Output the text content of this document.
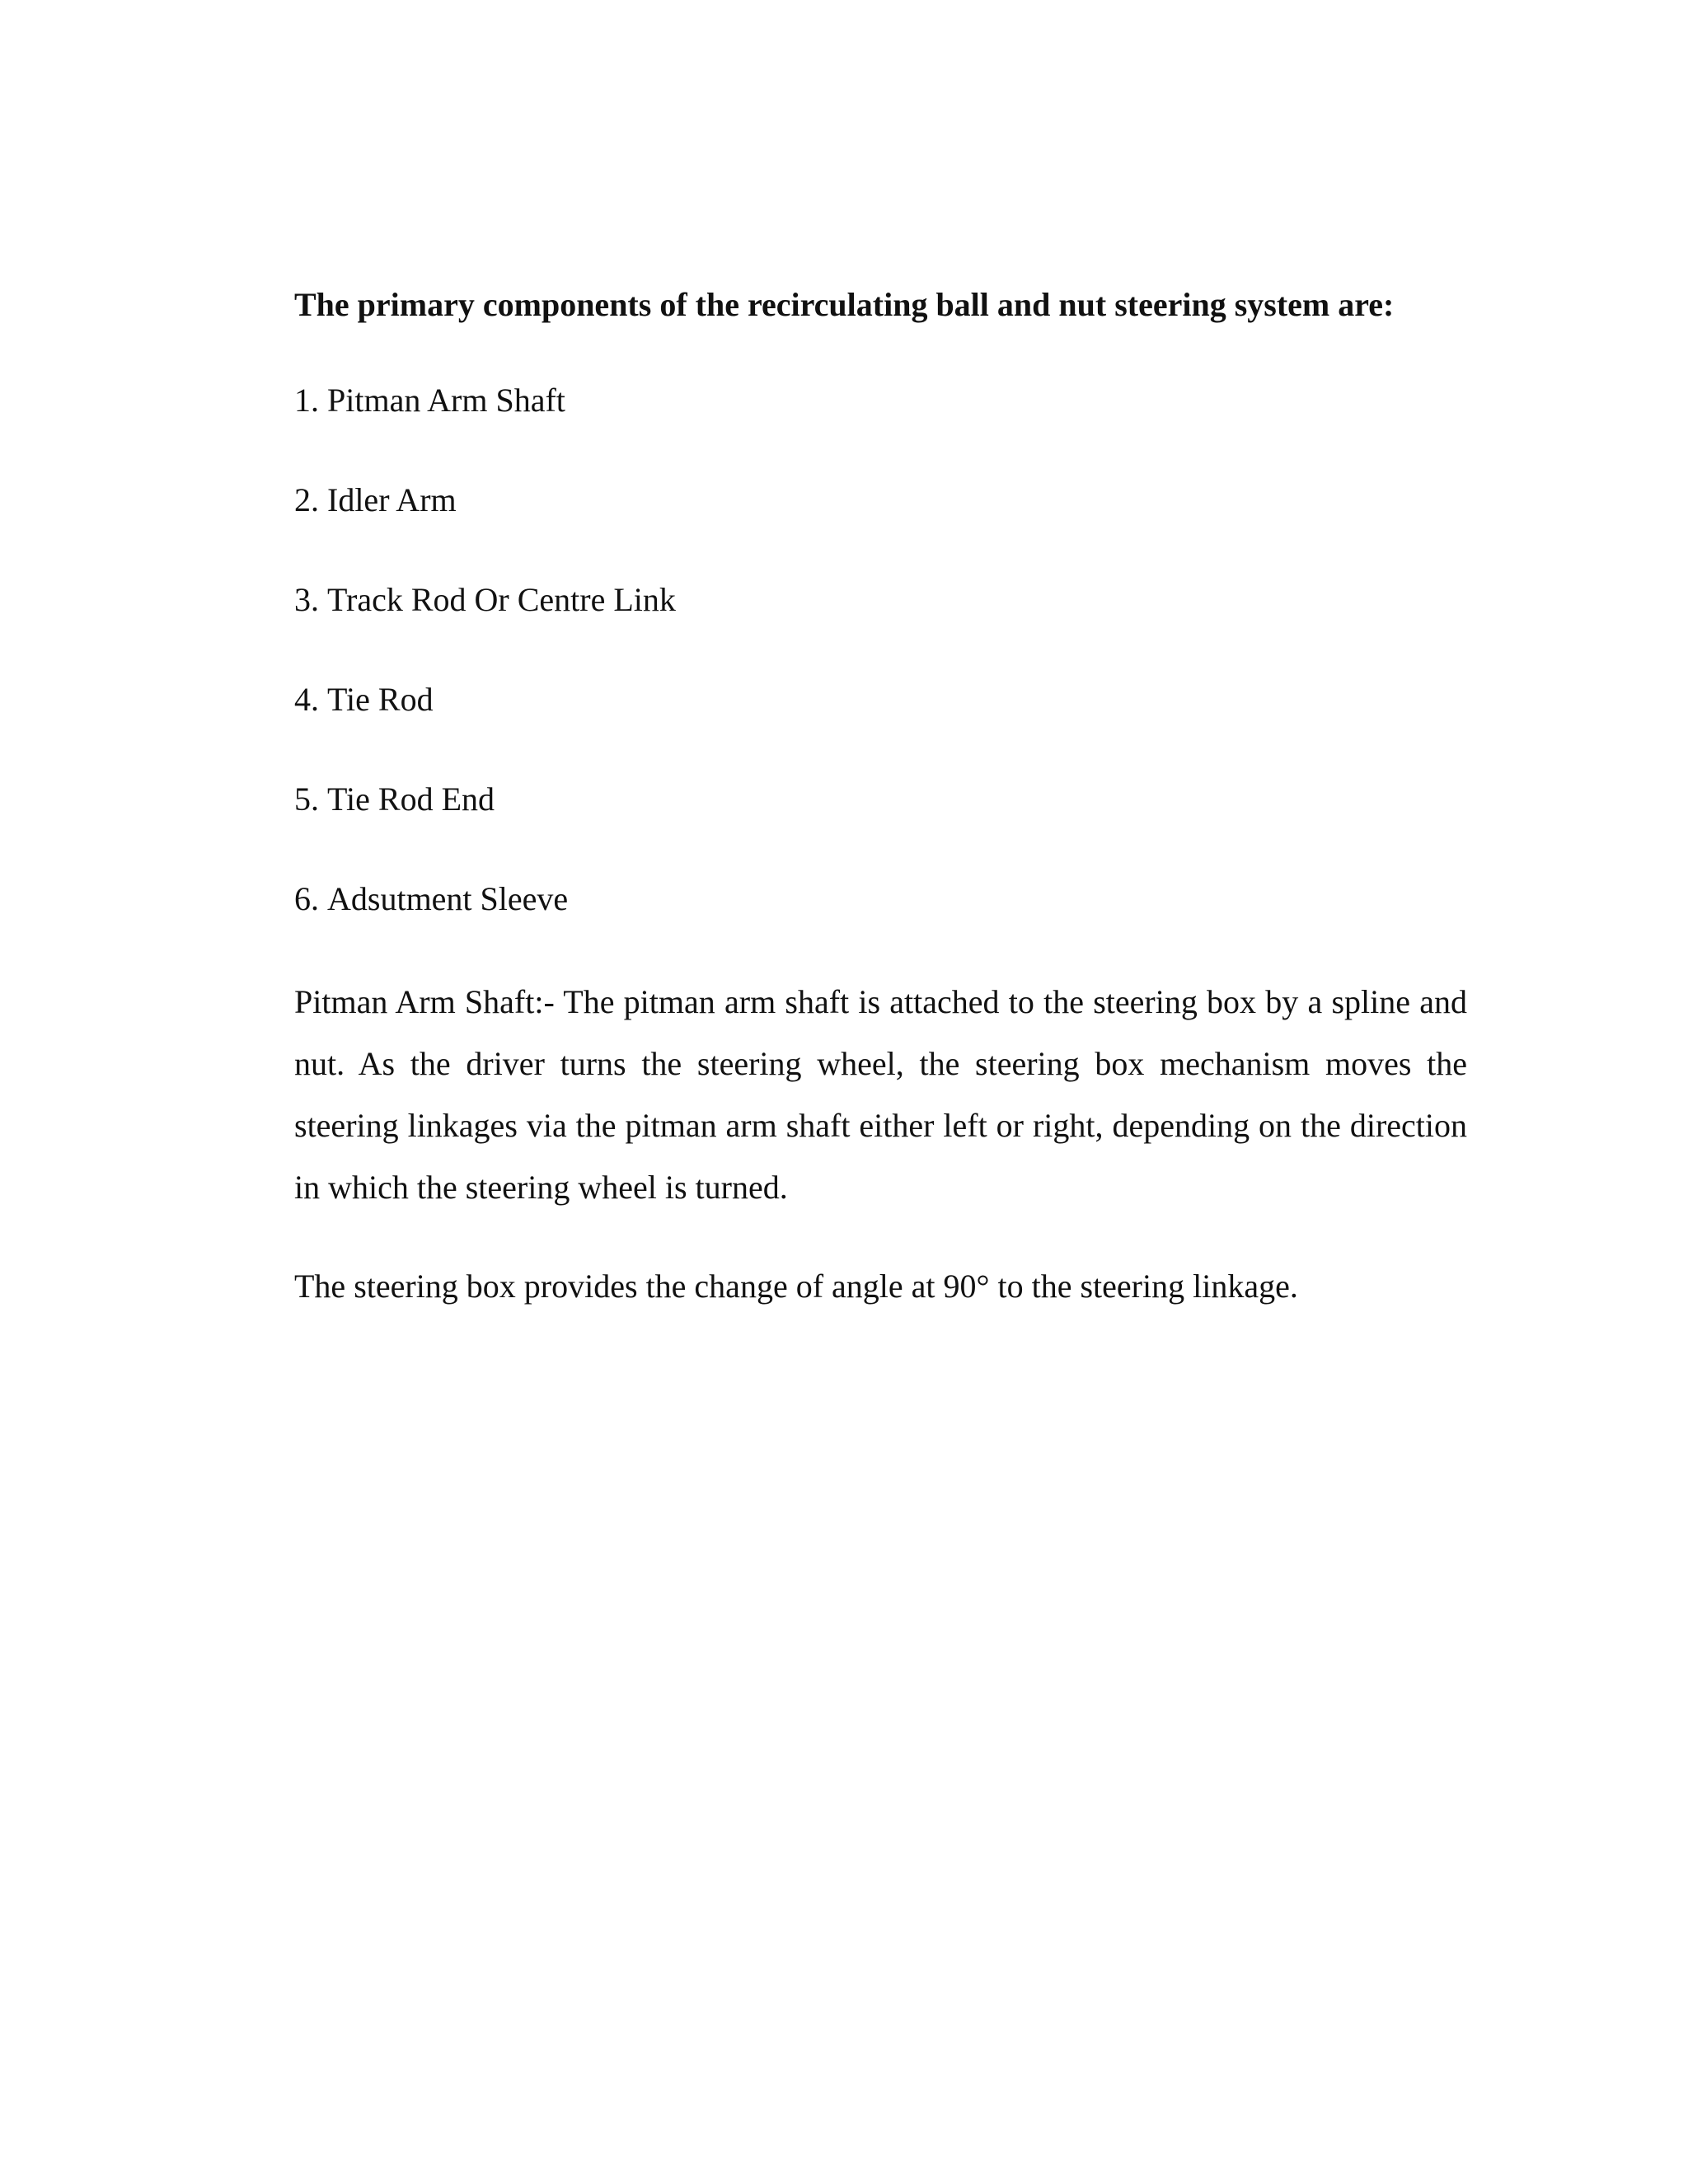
The primary components of the recirculating ball and nut steering system are:
1. Pitman Arm Shaft
2. Idler Arm
3. Track Rod Or Centre Link
4. Tie Rod
5. Tie Rod End
6. Adsutment Sleeve

Pitman Arm Shaft:- The pitman arm shaft is attached to the steering box by a spline and nut. As the driver turns the steering wheel, the steering box mechanism moves the steering linkages via the pitman arm shaft either left or right, depending on the direction in which the steering wheel is turned.

The steering box provides the change of angle at 90° to the steering linkage.
